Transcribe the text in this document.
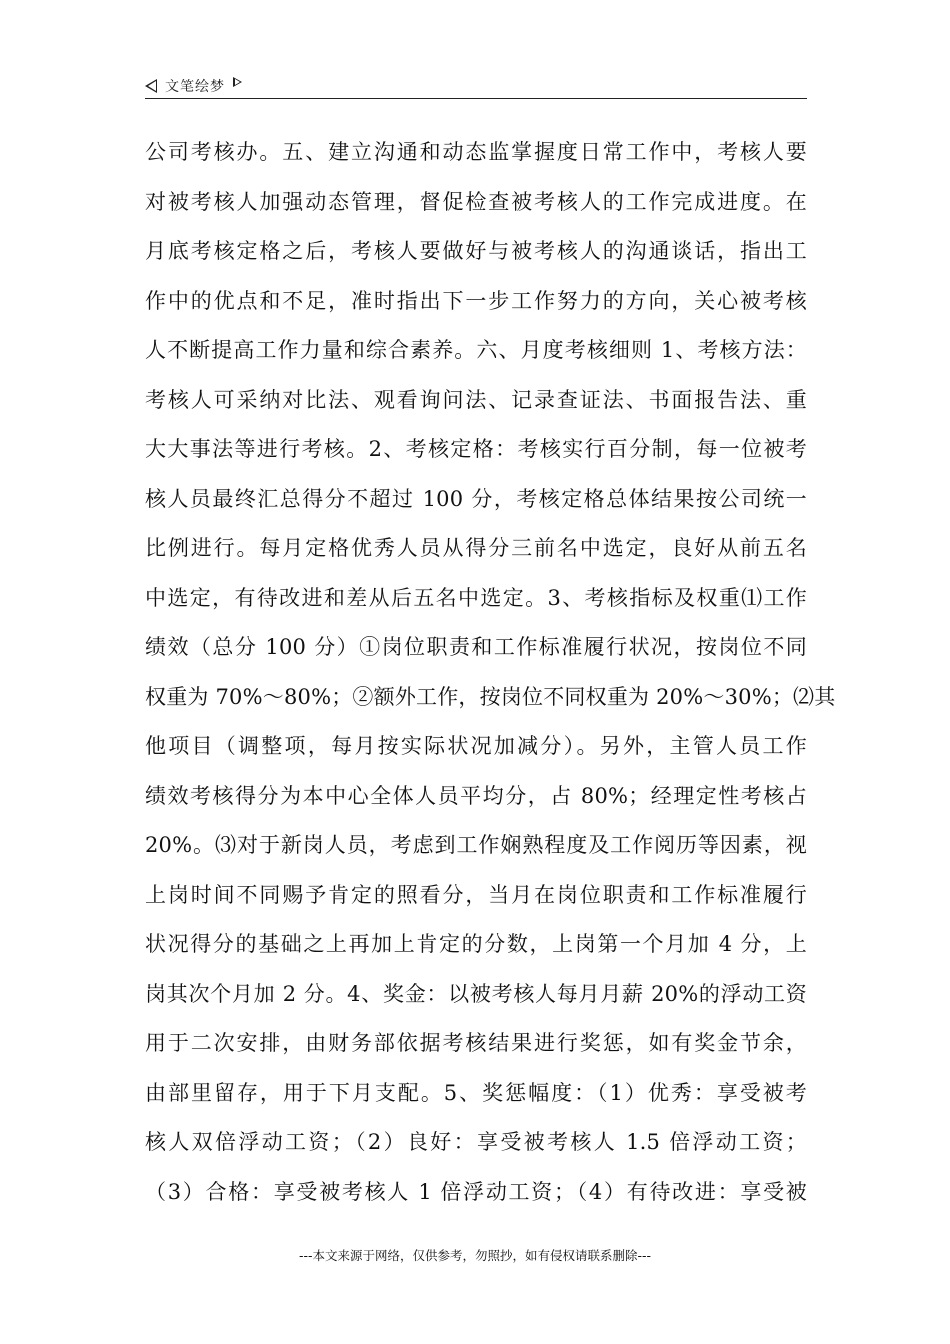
文笔绘梦
公司考核办。五、建立沟通和动态监掌握度日常工作中，考核人要
对被考核人加强动态管理，督促检查被考核人的工作完成进度。在
月底考核定格之后，考核人要做好与被考核人的沟通谈话，指出工
作中的优点和不足，准时指出下一步工作努力的方向，关心被考核
人不断提高工作力量和综合素养。六、月度考核细则 1、考核方法：
考核人可采纳对比法、观看询问法、记录查证法、书面报告法、重
大大事法等进行考核。2、考核定格：考核实行百分制，每一位被考
核人员最终汇总得分不超过 100 分，考核定格总体结果按公司统一
比例进行。每月定格优秀人员从得分三前名中选定，良好从前五名
中选定，有待改进和差从后五名中选定。3、考核指标及权重⑴工作
绩效（总分 100 分）①岗位职责和工作标准履行状况，按岗位不同
权重为 70%～80%；②额外工作，按岗位不同权重为 20%～30%；⑵其
他项目（调整项，每月按实际状况加减分）。另外，主管人员工作
绩效考核得分为本中心全体人员平均分，占 80%；经理定性考核占
20%。⑶对于新岗人员，考虑到工作娴熟程度及工作阅历等因素，视
上岗时间不同赐予肯定的照看分，当月在岗位职责和工作标准履行
状况得分的基础之上再加上肯定的分数，上岗第一个月加 4 分，上
岗其次个月加 2 分。4、奖金：以被考核人每月月薪 20%的浮动工资
用于二次安排，由财务部依据考核结果进行奖惩，如有奖金节余，
由部里留存，用于下月支配。5、奖惩幅度：（1）优秀：享受被考
核人双倍浮动工资；（2）良好：享受被考核人 1.5 倍浮动工资；
（3）合格：享受被考核人 1 倍浮动工资；（4）有待改进：享受被
---本文来源于网络，仅供参考，勿照抄，如有侵权请联系删除---
